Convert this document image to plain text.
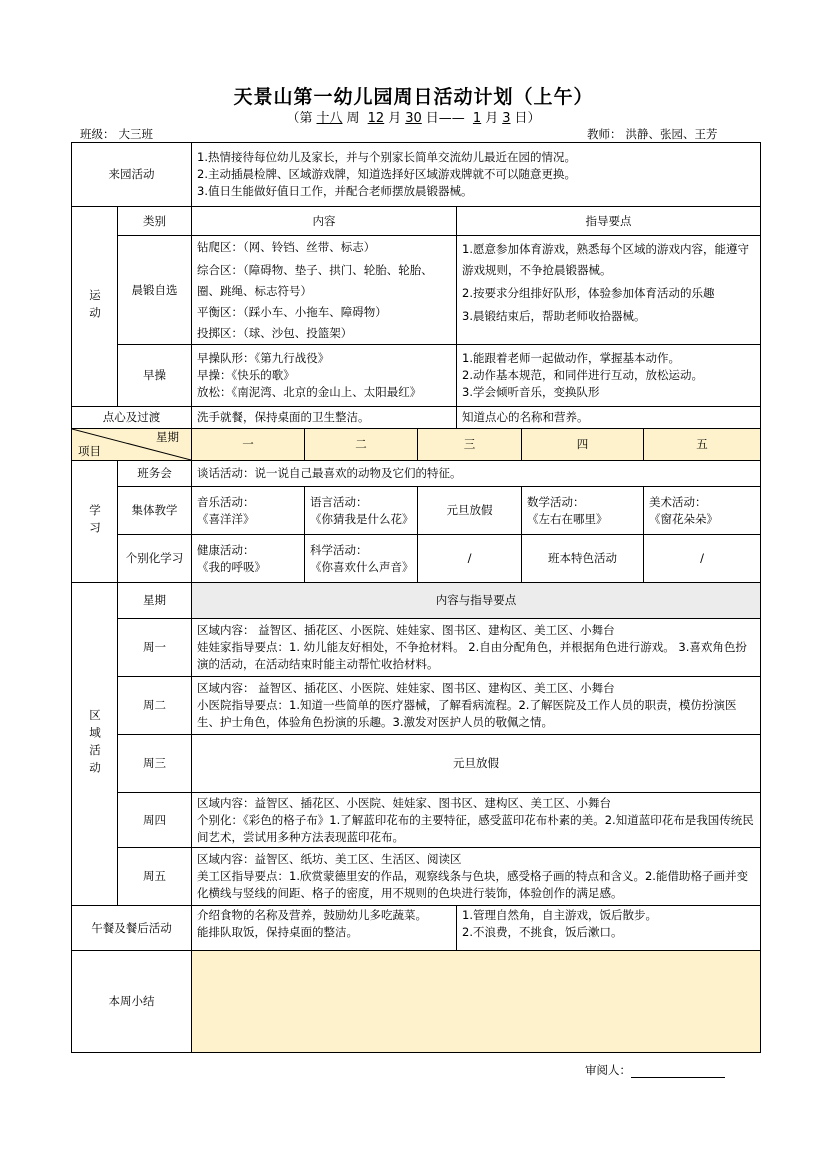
天景山第一幼儿园周日活动计划（上午）
（第 十八 周 12 月 30 日—— 1 月 3 日）
班级： 大三班	教师： 洪静、张园、王芳
来园活动		1.热情接待每位幼儿及家长，并与个别家长简单交流幼儿最近在园的情况。
2.主动插晨检牌、区域游戏牌，知道选择好区域游戏牌就不可以随意更换。
3.值日生能做好值日工作，并配合老师摆放晨锻器械。					

运动	类别	内容			指导要点		
	晨锻自选	钻爬区：（网、铃铛、丝带、标志）
综合区：（障碍物、垫子、拱门、轮胎、轮胎、圈、跳绳、标志符号）
平衡区：（踩小车、小拖车、障碍物）
投掷区：（球、沙包、投篮架）			1.愿意参加体育游戏，熟悉每个区域的游戏内容，能遵守游戏规则，不争抢晨锻器械。
2.按要求分组排好队形，体验参加体育活动的乐趣
3.晨锻结束后，帮助老师收拾器械。		

	早操	早操队形：《第九行战役》
早操：《快乐的歌》
放松：《南泥湾、北京的金山上、太阳最红》			1.能跟着老师一起做动作，掌握基本动作。
2.动作基本规范，和同伴进行互动，放松运动。
3.学会倾听音乐，变换队形		

点心及过渡		洗手就餐，保持桌面的卫生整洁。			知道点心的名称和营养。		

星期
项目		一	二	三		四	五

学习	班务会	谈话活动：说一说自己最喜欢的动物及它们的特征。					
	集体教学	音乐活动：
《喜洋洋》	语言活动：
《你猜我是什么花》	元旦放假		数学活动：
《左右在哪里》	美术活动：
《窗花朵朵》

	个别化学习	健康活动：
《我的呼吸》	科学活动：
《你喜欢什么声音》	/		班本特色活动	/

区域活动	星期	内容与指导要点					
	周一	区域内容： 益智区、插花区、小医院、娃娃家、图书区、建构区、美工区、小舞台
娃娃家指导要点：1. 幼儿能友好相处，不争抢材料。 2.自由分配角色，并根据角色进行游戏。 3.喜欢角色扮演的活动，在活动结束时能主动帮忙收拾材料。					

	周二	区域内容： 益智区、插花区、小医院、娃娃家、图书区、建构区、美工区、小舞台
小医院指导要点：1.知道一些简单的医疗器械，了解看病流程。2.了解医院及工作人员的职责，模仿扮演医生、护士角色，体验角色扮演的乐趣。3.激发对医护人员的敬佩之情。					

	周三	元旦放假					
	周四	区域内容：益智区、插花区、小医院、娃娃家、图书区、建构区、美工区、小舞台
个别化：《彩色的格子布》1.了解蓝印花布的主要特征，感受蓝印花布朴素的美。2.知道蓝印花布是我国传统民间艺术，尝试用多种方法表现蓝印花布。					

	周五	区域内容：益智区、纸坊、美工区、生活区、阅读区
美工区指导要点：1.欣赏蒙德里安的作品，观察线条与色块，感受格子画的特点和含义。2.能借助格子画并变化横线与竖线的间距、格子的密度，用不规则的色块进行装饰，体验创作的满足感。					

午餐及餐后活动		介绍食物的名称及营养，鼓励幼儿多吃蔬菜。
能排队取饭，保持桌面的整洁。			1.管理自然角，自主游戏，饭后散步。
2.不浪费，不挑食，饭后漱口。		

本周小结							
审阅人：
